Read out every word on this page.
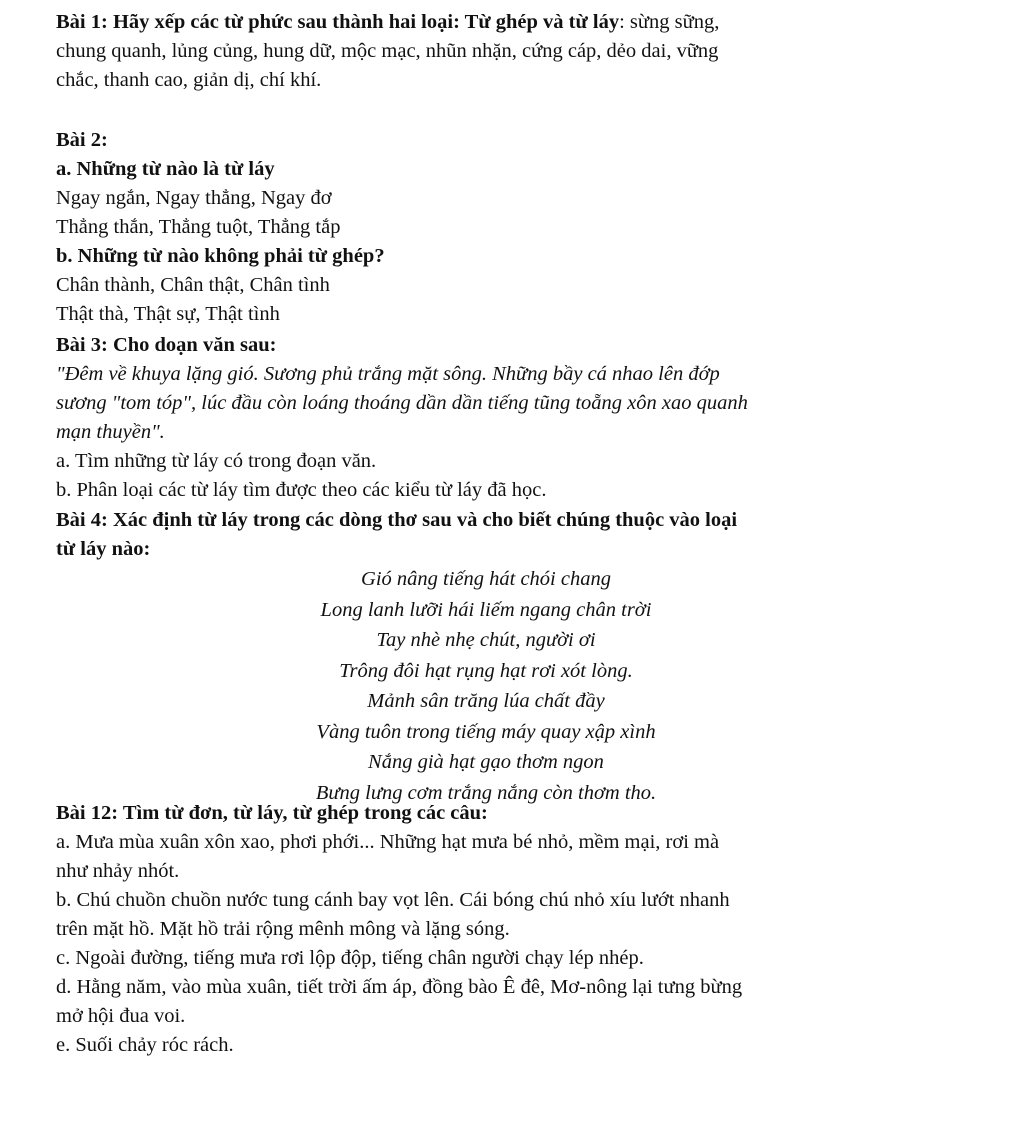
Bài 1: Hãy xếp các từ phức sau thành hai loại: Từ ghép và từ láy: sừng sững,
chung quanh, lủng củng, hung dữ, mộc mạc, nhũn nhặn, cứng cáp, dẻo dai, vững
chắc, thanh cao, giản dị, chí khí.
Bài 2:
a. Những từ nào là từ láy
Ngay ngắn, Ngay thẳng, Ngay đơ
Thẳng thắn, Thẳng tuột, Thẳng tắp
b. Những từ nào không phải từ ghép?
Chân thành, Chân thật, Chân tình
Thật thà, Thật sự, Thật tình
Bài 3: Cho doạn văn sau:
"Đêm về khuya lặng gió. Sương phủ trắng mặt sông. Những bầy cá nhao lên đớp
sương "tom tóp", lúc đầu còn loáng thoáng dần dần tiếng tũng toẵng xôn xao quanh
mạn thuyền".
a. Tìm những từ láy có trong đoạn văn.
b. Phân loại các từ láy tìm được theo các kiểu từ láy đã học.
Bài 4: Xác định từ láy trong các dòng thơ sau và cho biết chúng thuộc vào loại
từ láy nào:
Gió nâng tiếng hát chói chang
Long lanh lưỡi hái liếm ngang chân trời
Tay nhè nhẹ chút, người ơi
Trông đôi hạt rụng hạt rơi xót lòng.
Mảnh sân trăng lúa chất đầy
Vàng tuôn trong tiếng máy quay xập xình
Nắng già hạt gạo thơm ngon
Bưng lưng cơm trắng nắng còn thơm tho.
Bài 12: Tìm từ đơn, từ láy, từ ghép trong các câu:
a. Mưa mùa xuân xôn xao, phơi phới... Những hạt mưa bé nhỏ, mềm mại, rơi mà
như nhảy nhót.
b. Chú chuồn chuồn nước tung cánh bay vọt lên. Cái bóng chú nhỏ xíu lướt nhanh
trên mặt hồ. Mặt hồ trải rộng mênh mông và lặng sóng.
c. Ngoài đường, tiếng mưa rơi lộp độp, tiếng chân người chạy lép nhép.
d. Hằng năm, vào mùa xuân, tiết trời ấm áp, đồng bào Ê đê, Mơ-nông lại tưng bừng
mở hội đua voi.
e. Suối chảy róc rách.
